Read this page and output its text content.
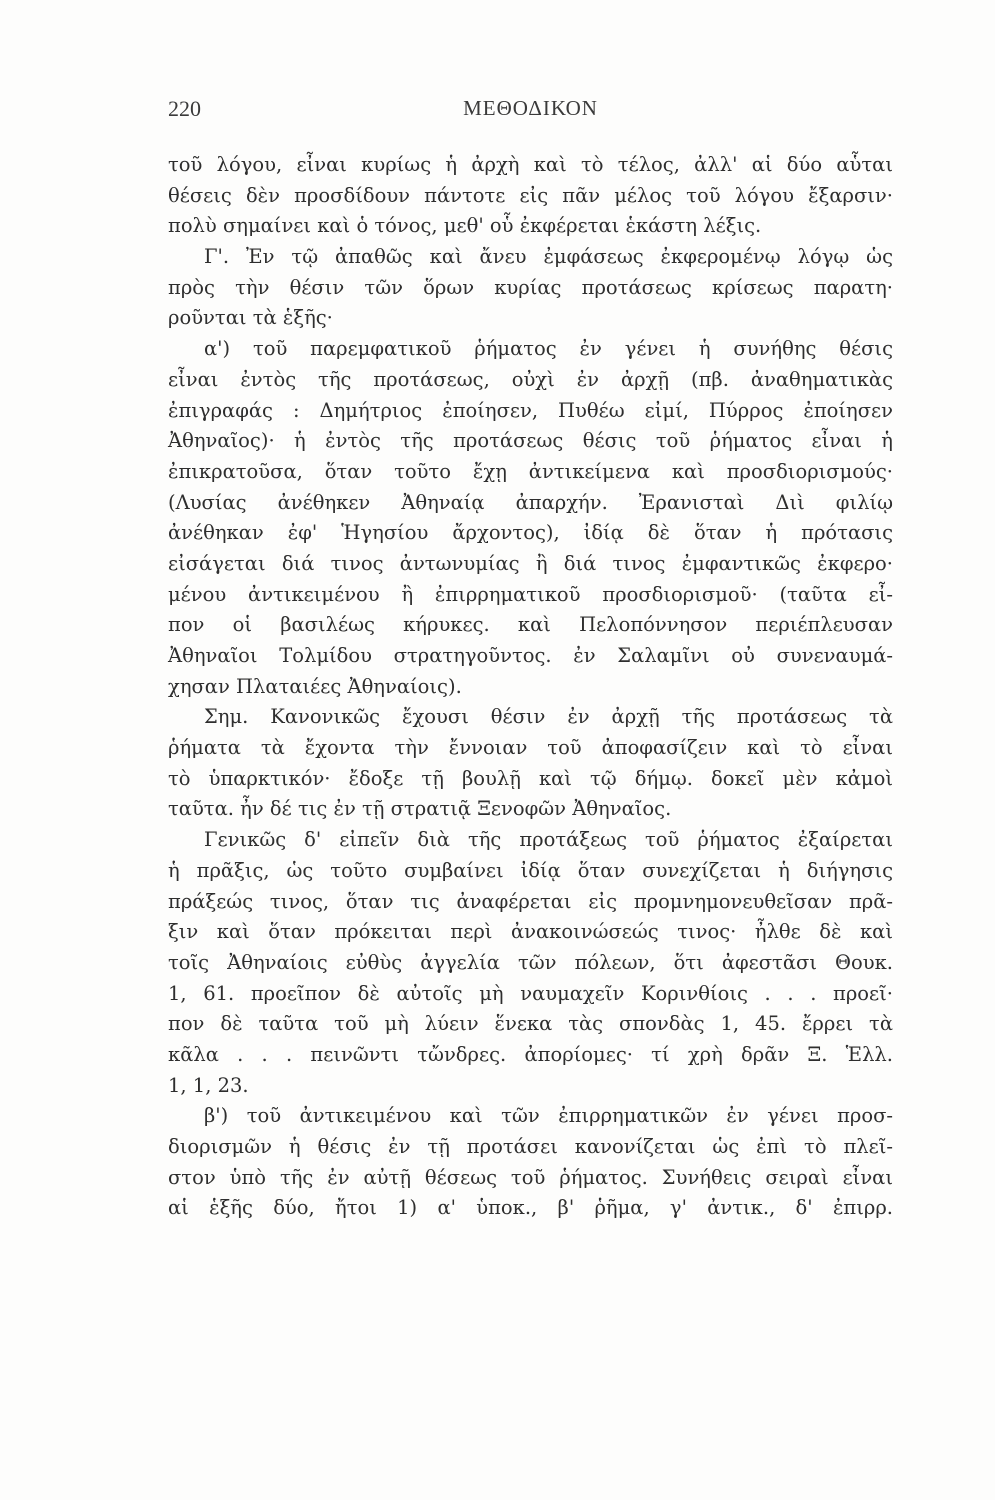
220	ΜΕΘΟΔΙΚΟΝ
τοῦ λόγου, εἶναι κυρίως ἡ ἀρχὴ καὶ τὸ τέλος, ἀλλ' αἱ δύο αὗται
θέσεις δὲν προσδίδουν πάντοτε εἰς πᾶν μέλος τοῦ λόγου ἔξαρσιν·
πολὺ σημαίνει καὶ ὁ τόνος, μεθ' οὗ ἐκφέρεται ἑκάστη λέξις.
Γ'. Ἐν τῷ ἀπαθῶς καὶ ἄνευ ἐμφάσεως ἐκφερομένῳ λόγῳ ὡς
πρὸς τὴν θέσιν τῶν ὅρων κυρίας προτάσεως κρίσεως παρατη·
ροῦνται τὰ ἑξῆς·
α') τοῦ παρεμφατικοῦ ῥήματος ἐν γένει ἡ συνήθης θέσις
εἶναι ἐντὸς τῆς προτάσεως, οὐχὶ ἐν ἀρχῇ (πβ. ἀναθηματικὰς
ἐπιγραφάς : Δημήτριος ἐποίησεν, Πυθέω εἰμί, Πύρρος ἐποίησεν
Ἀθηναῖος)· ἡ ἐντὸς τῆς προτάσεως θέσις τοῦ ῥήματος εἶναι ἡ
ἐπικρατοῦσα, ὅταν τοῦτο ἔχῃ ἀντικείμενα καὶ προσδιορισμούς·
(Λυσίας ἀνέθηκεν Ἀθηναίᾳ ἀπαρχήν. Ἐρανισταὶ Διὶ φιλίῳ
ἀνέθηκαν ἐφ' Ἡγησίου ἄρχοντος), ἰδίᾳ δὲ ὅταν ἡ πρότασις
εἰσάγεται διά τινος ἀντωνυμίας ἢ διά τινος ἐμφαντικῶς ἐκφερο·
μένου ἀντικειμένου ἢ ἐπιρρηματικοῦ προσδιορισμοῦ· (ταῦτα εἶ-
πον οἱ βασιλέως κήρυκες. καὶ Πελοπόννησον περιέπλευσαν
Ἀθηναῖοι Τολμίδου στρατηγοῦντος. ἐν Σαλαμῖνι οὐ συνεναυμά-
χησαν Πλαταιέες Ἀθηναίοις).
Σημ. Κανονικῶς ἔχουσι θέσιν ἐν ἀρχῇ τῆς προτάσεως τὰ
ῥήματα τὰ ἔχοντα τὴν ἔννοιαν τοῦ ἀποφασίζειν καὶ τὸ εἶναι
τὸ ὑπαρκτικόν· ἔδοξε τῇ βουλῇ καὶ τῷ δήμῳ. δοκεῖ μὲν κἀμοὶ
ταῦτα. ἦν δέ τις ἐν τῇ στρατιᾷ Ξενοφῶν Ἀθηναῖος.
Γενικῶς δ' εἰπεῖν διὰ τῆς προτάξεως τοῦ ῥήματος ἐξαίρεται
ἡ πρᾶξις, ὡς τοῦτο συμβαίνει ἰδίᾳ ὅταν συνεχίζεται ἡ διήγησις
πράξεώς τινος, ὅταν τις ἀναφέρεται εἰς προμνημονευθεῖσαν πρᾶ-
ξιν καὶ ὅταν πρόκειται περὶ ἀνακοινώσεώς τινος· ἦλθε δὲ καὶ
τοῖς Ἀθηναίοις εὐθὺς ἀγγελία τῶν πόλεων, ὅτι ἀφεστᾶσι Θουκ.
1, 61. προεῖπον δὲ αὐτοῖς μὴ ναυμαχεῖν Κορινθίοις . . . προεῖ·
πον δὲ ταῦτα τοῦ μὴ λύειν ἕνεκα τὰς σπονδὰς 1, 45. ἔρρει τὰ
κᾶλα . . . πεινῶντι τὤνδρες. ἀπορίομες· τί χρὴ δρᾶν Ξ. Ἑλλ.
1, 1, 23.
β') τοῦ ἀντικειμένου καὶ τῶν ἐπιρρηματικῶν ἐν γένει προσ-
διορισμῶν ἡ θέσις ἐν τῇ προτάσει κανονίζεται ὡς ἐπὶ τὸ πλεῖ-
στον ὑπὸ τῆς ἐν αὐτῇ θέσεως τοῦ ῥήματος. Συνήθεις σειραὶ εἶναι
αἱ ἑξῆς δύο, ἤτοι 1) α' ὑποκ., β' ῥῆμα, γ' ἀντικ., δ' ἐπιρρ.
